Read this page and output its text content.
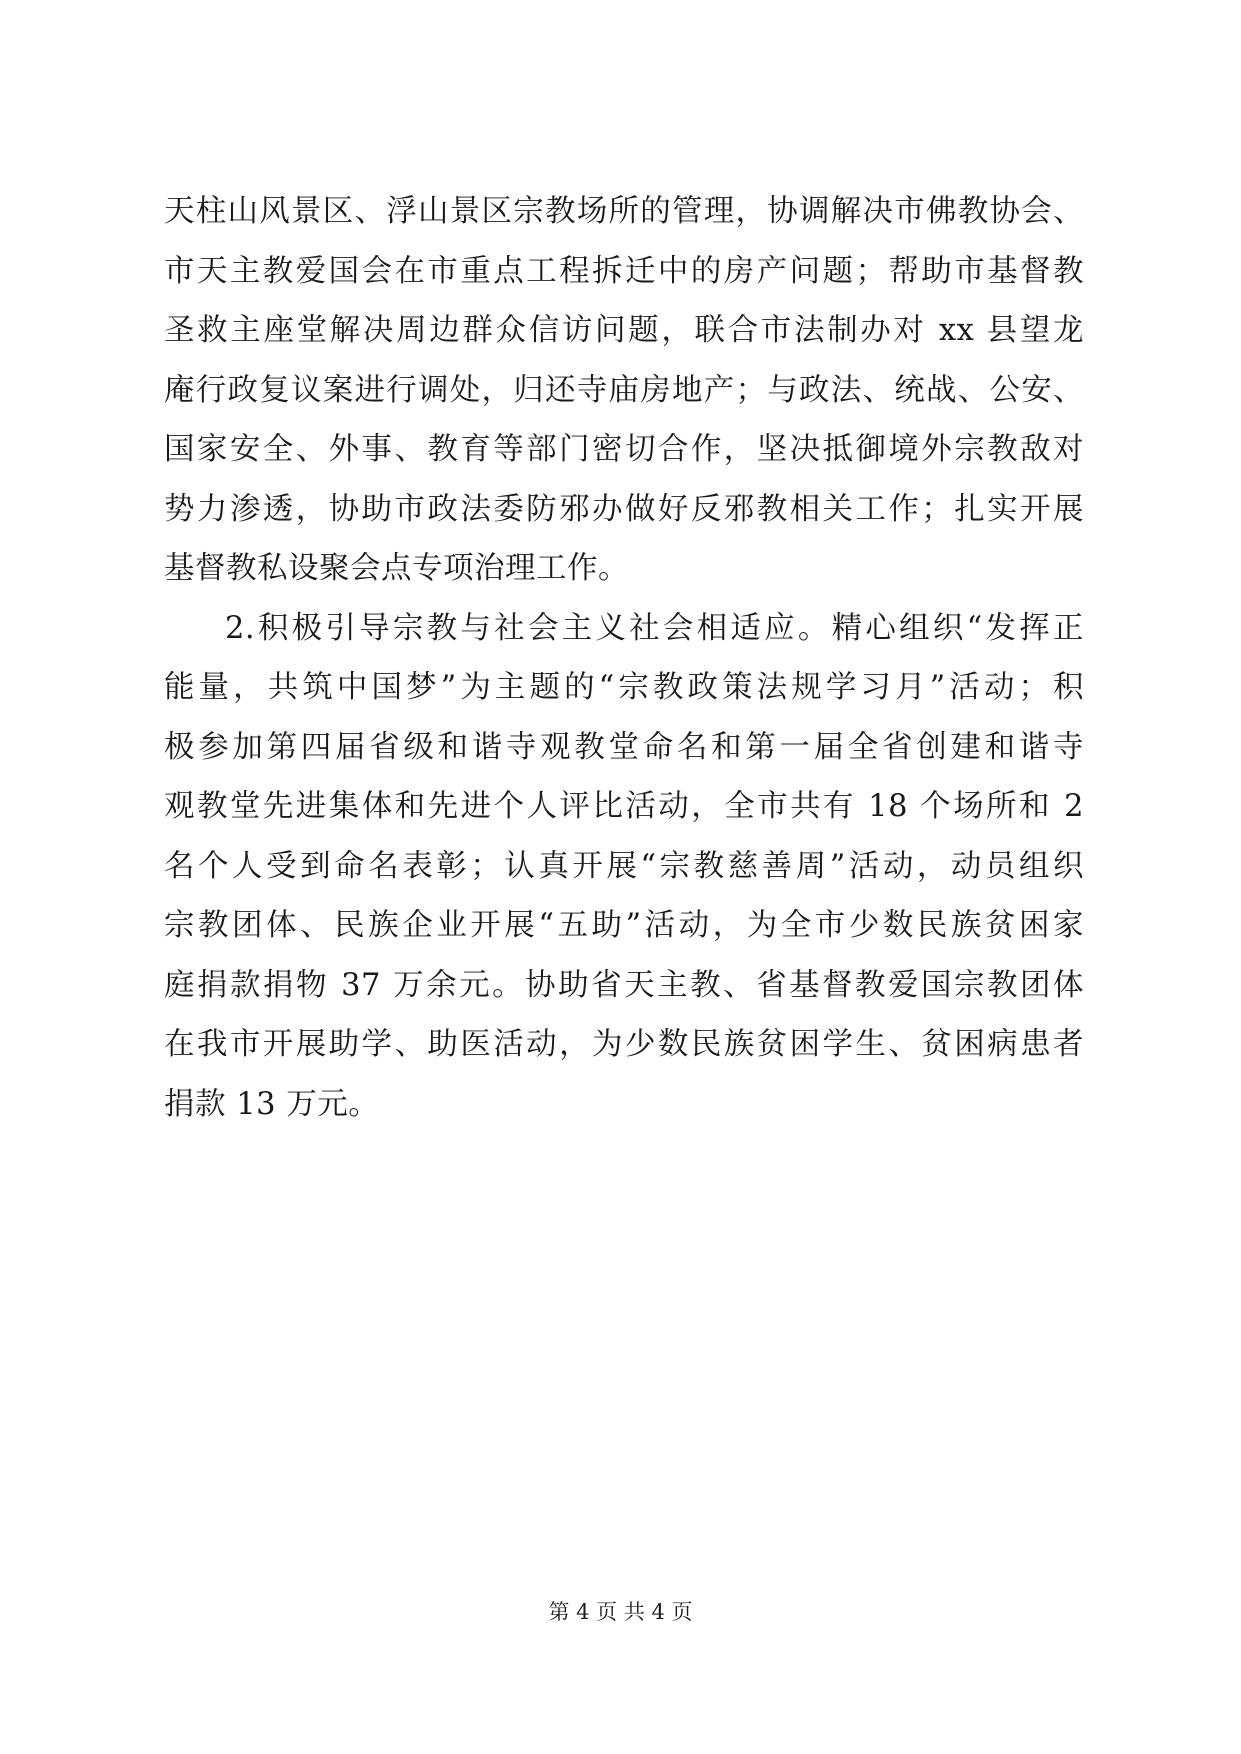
天柱山风景区、浮山景区宗教场所的管理，协调解决市佛教协会、
市天主教爱国会在市重点工程拆迁中的房产问题；帮助市基督教
圣救主座堂解决周边群众信访问题，联合市法制办对 xx 县望龙
庵行政复议案进行调处，归还寺庙房地产；与政法、统战、公安、
国家安全、外事、教育等部门密切合作，坚决抵御境外宗教敌对
势力渗透，协助市政法委防邪办做好反邪教相关工作；扎实开展
基督教私设聚会点专项治理工作。
2.积极引导宗教与社会主义社会相适应。精心组织“发挥正
能量，共筑中国梦”为主题的“宗教政策法规学习月”活动；积
极参加第四届省级和谐寺观教堂命名和第一届全省创建和谐寺
观教堂先进集体和先进个人评比活动，全市共有 18 个场所和 2
名个人受到命名表彰；认真开展“宗教慈善周”活动，动员组织
宗教团体、民族企业开展“五助”活动，为全市少数民族贫困家
庭捐款捐物 37 万余元。协助省天主教、省基督教爱国宗教团体
在我市开展助学、助医活动，为少数民族贫困学生、贫困病患者
捐款 13 万元。
第 4 页 共 4 页
